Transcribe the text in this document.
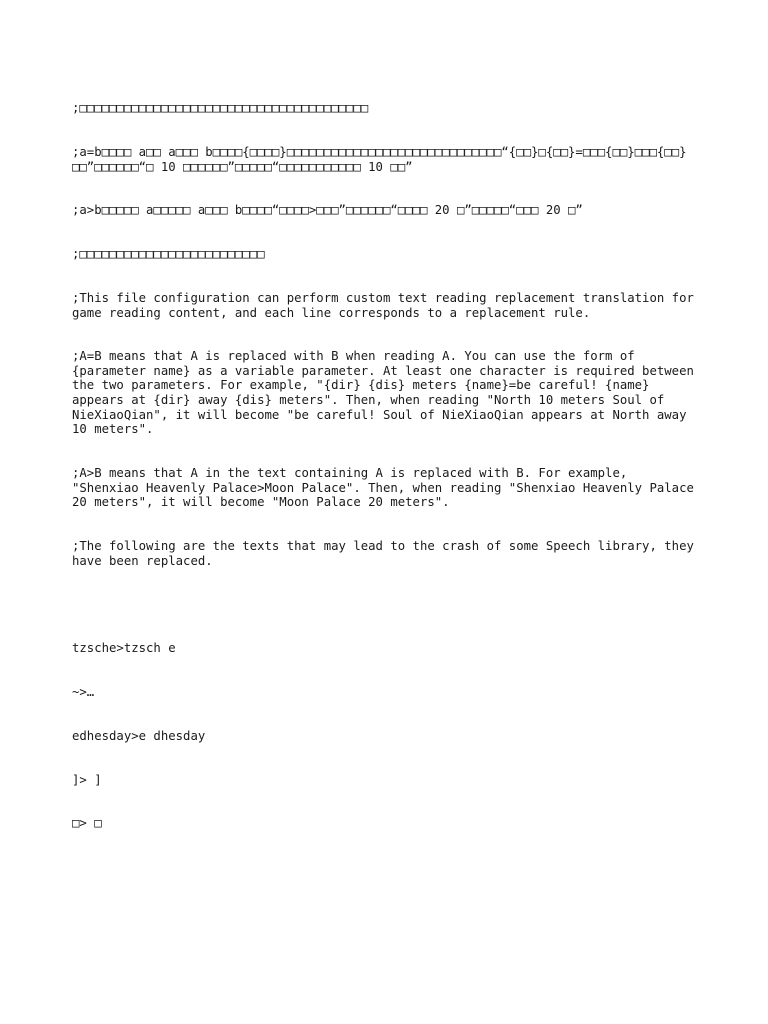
;□□□□□□□□□□□□□□□□□□□□□□□□□□□□□□□□□□□□□□□

;a=b□□□□ a□□ a□□□ b□□□□{□□□□}□□□□□□□□□□□□□□□□□□□□□□□□□□□□□“{□□}□{□□}=□□□{□□}□□□{□□}□□”□□□□□□“□ 10 □□□□□□”□□□□□“□□□□□□□□□□□ 10 □□”

;a>b□□□□□ a□□□□□ a□□□ b□□□□“□□□□>□□□”□□□□□□“□□□□ 20 □”□□□□□“□□□ 20 □”

;□□□□□□□□□□□□□□□□□□□□□□□□□

;This file configuration can perform custom text reading replacement translation for game reading content, and each line corresponds to a replacement rule.

;A=B means that A is replaced with B when reading A. You can use the form of {parameter name} as a variable parameter. At least one character is required between the two parameters. For example, "{dir} {dis} meters {name}=be careful! {name} appears at {dir} away {dis} meters". Then, when reading "North 10 meters Soul of NieXiaoQian", it will become "be careful! Soul of NieXiaoQian appears at North away 10 meters".

;A>B means that A in the text containing A is replaced with B. For example, "Shenxiao Heavenly Palace>Moon Palace". Then, when reading "Shenxiao Heavenly Palace 20 meters", it will become "Moon Palace 20 meters".

;The following are the texts that may lead to the crash of some Speech library, they have been replaced.

tzsche>tzsch e

~>…

edhesday>e dhesday

]> ]

□> □
